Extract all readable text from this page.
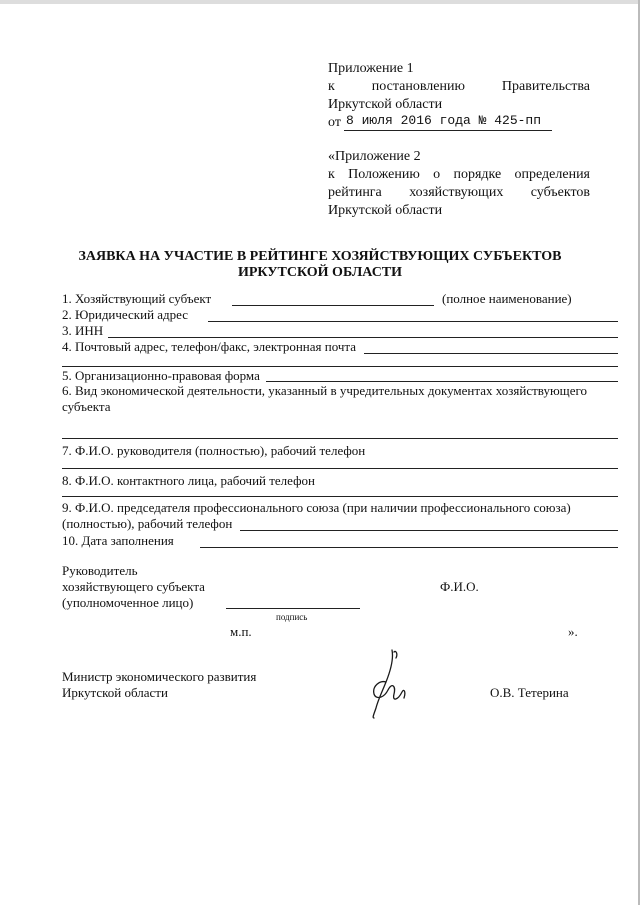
Приложение 1
к постановлению Правительства
Иркутской области
от 8 июля 2016 года № 425-пп
«Приложение 2
к Положению о порядке определения
рейтинга хозяйствующих субъектов
Иркутской области
ЗАЯВКА НА УЧАСТИЕ В РЕЙТИНГЕ ХОЗЯЙСТВУЮЩИХ СУБЪЕКТОВ
ИРКУТСКОЙ ОБЛАСТИ
1. Хозяйствующий субъект	(полное наименование)
2. Юридический адрес
3. ИНН
4. Почтовый адрес, телефон/факс, электронная почта
5. Организационно-правовая форма
6. Вид экономической деятельности, указанный в учредительных документах хозяйствующего
субъекта
7. Ф.И.О. руководителя (полностью), рабочий телефон
8. Ф.И.О. контактного лица, рабочий телефон
9. Ф.И.О. председателя профессионального союза (при наличии профессионального союза)
(полностью), рабочий телефон
10. Дата заполнения
Руководитель
хозяйствующего субъекта
(уполномоченное лицо)
Ф.И.О.
подпись
м.п.	».
Министр экономического развития
Иркутской области	О.В. Тетерина
